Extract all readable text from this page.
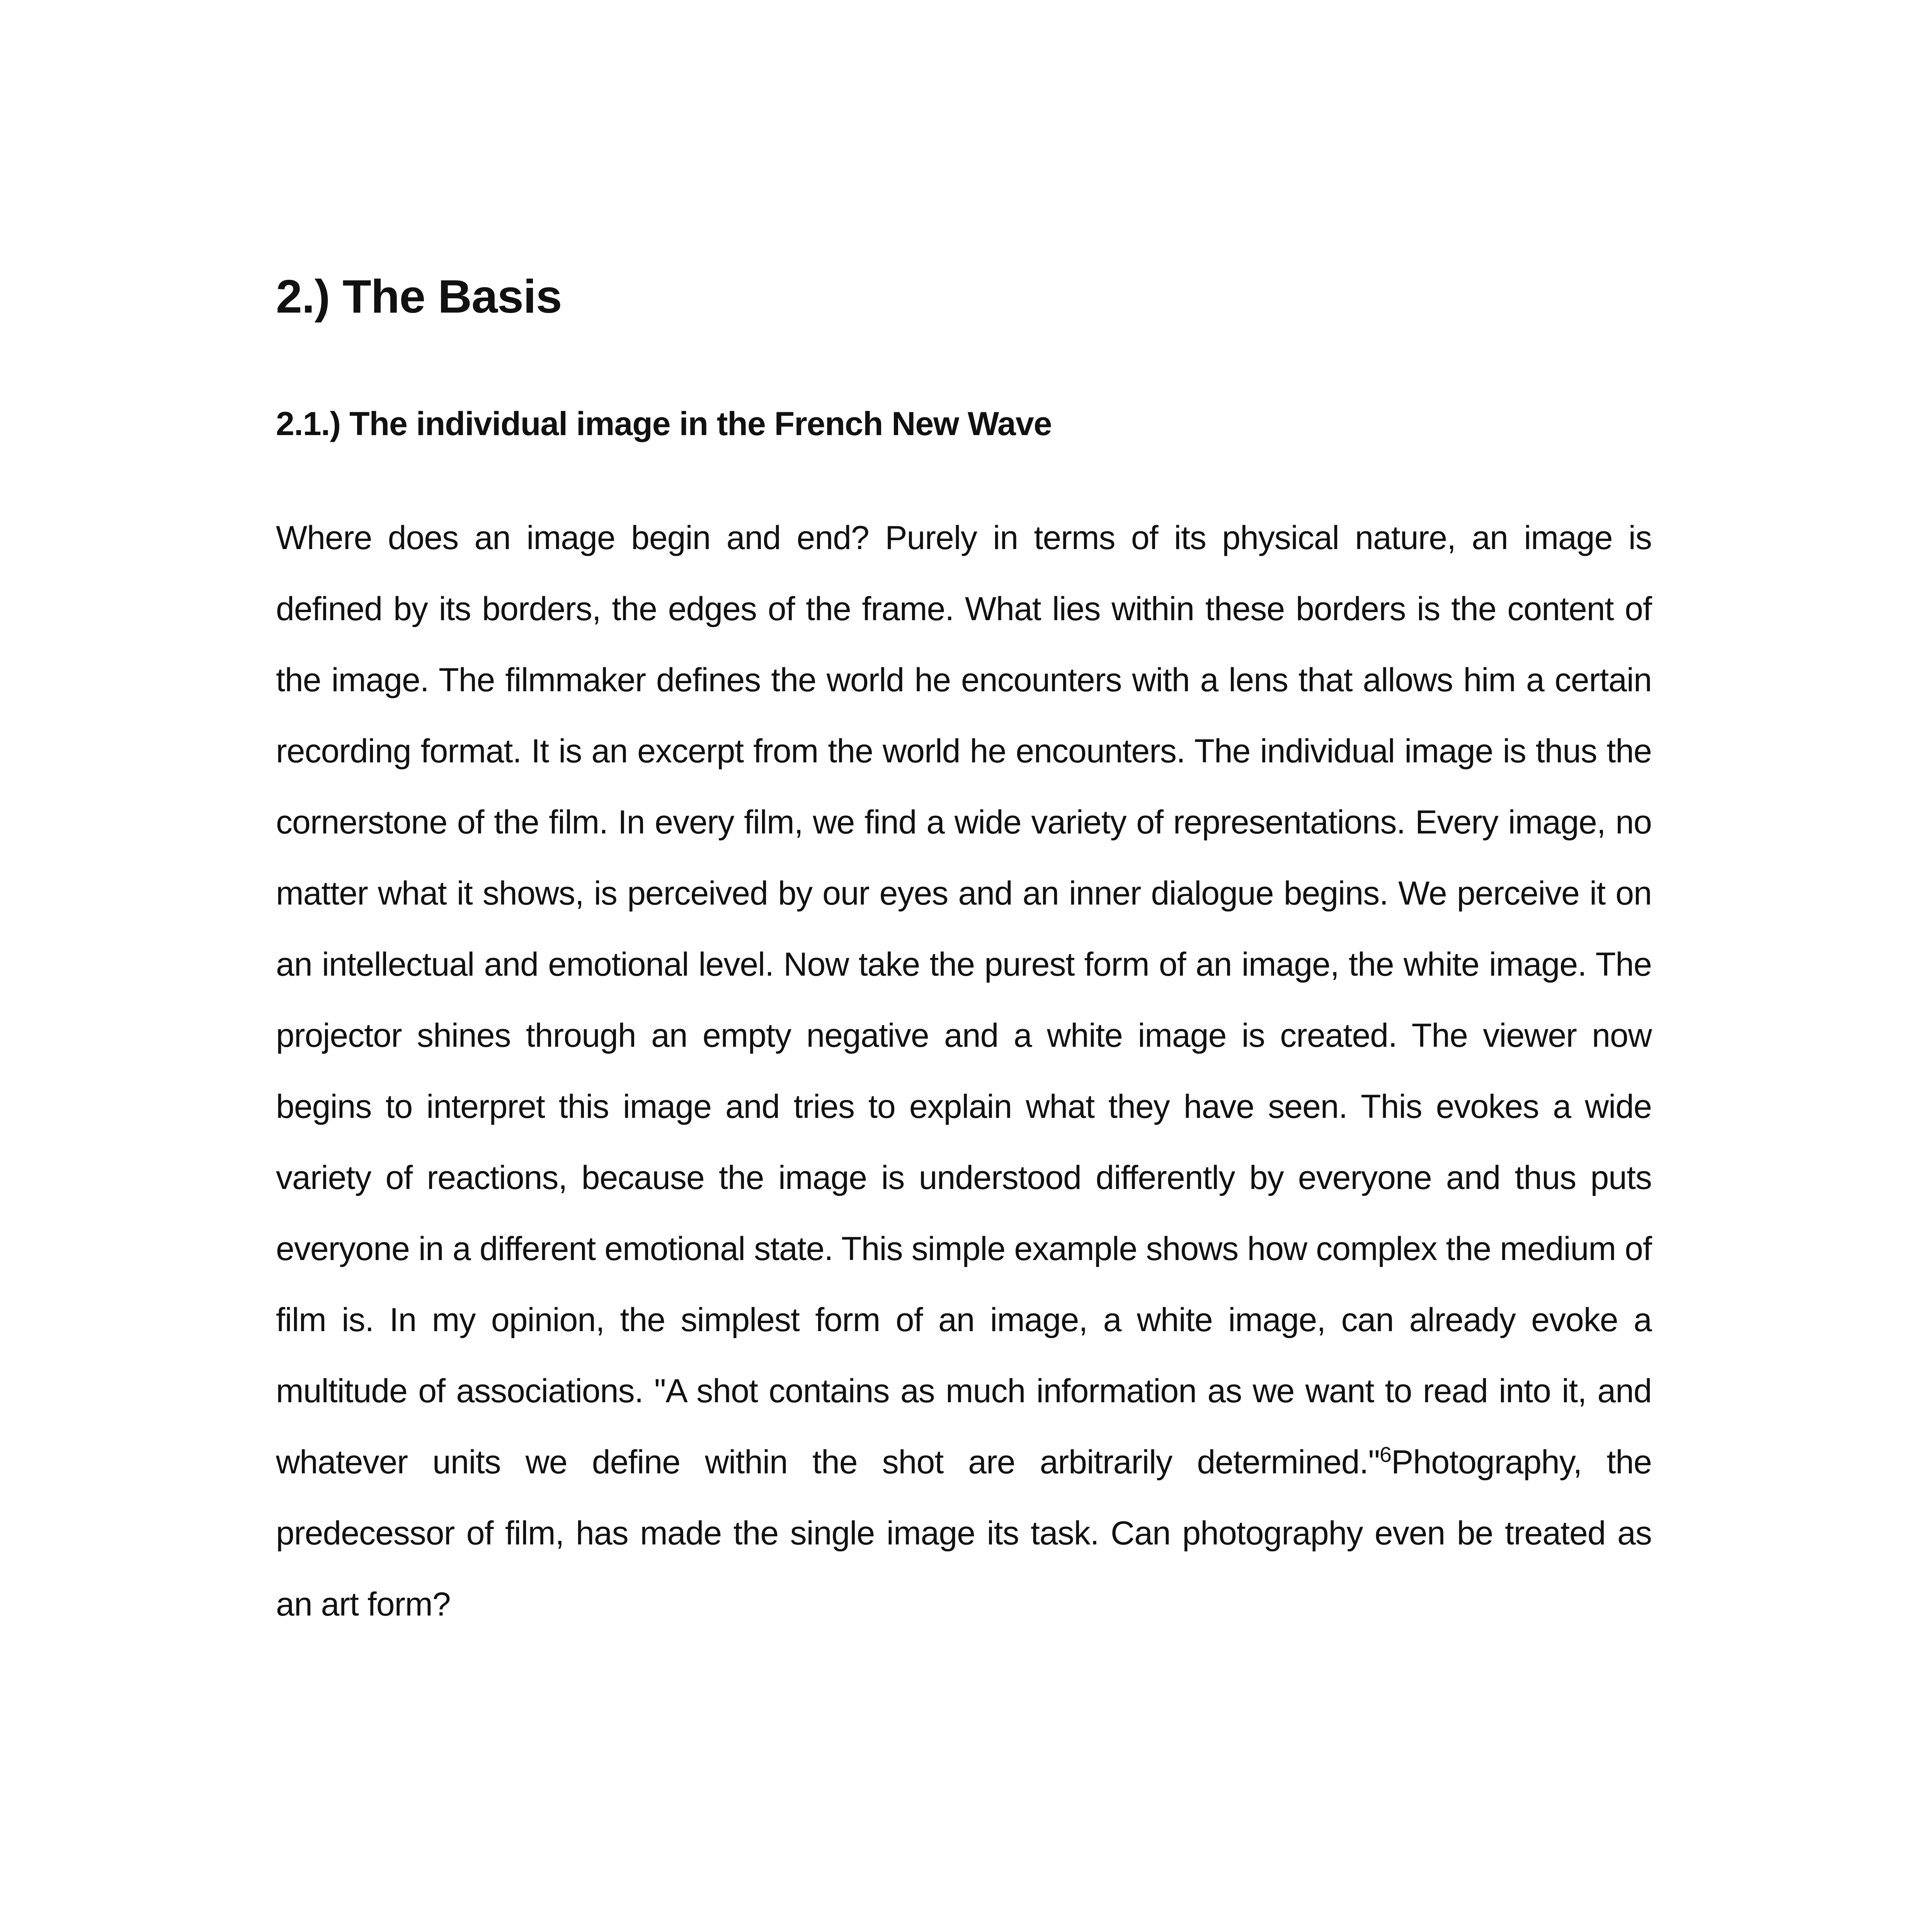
2.) The Basis
2.1.) The individual image in the French New Wave

Where does an image begin and end? Purely in terms of its physical nature, an image is defined by its borders, the edges of the frame. What lies within these borders is the content of the image. The filmmaker defines the world he encounters with a lens that allows him a certain recording format. It is an excerpt from the world he encounters. The individual image is thus the cornerstone of the film. In every film, we find a wide variety of representations. Every image, no matter what it shows, is perceived by our eyes and an inner dialogue begins. We perceive it on an intellectual and emotional level. Now take the purest form of an image, the white image. The projector shines through an empty negative and a white image is created. The viewer now begins to interpret this image and tries to explain what they have seen. This evokes a wide variety of reactions, because the image is understood differently by everyone and thus puts everyone in a different emotional state. This simple example shows how complex the medium of film is. In my opinion, the simplest form of an image, a white image, can already evoke a multitude of associations. "A shot contains as much information as we want to read into it, and whatever units we define within the shot are arbitrarily determined."$^6$Photography, the predecessor of film, has made the single image its task. Can photography even be treated as an art form?
